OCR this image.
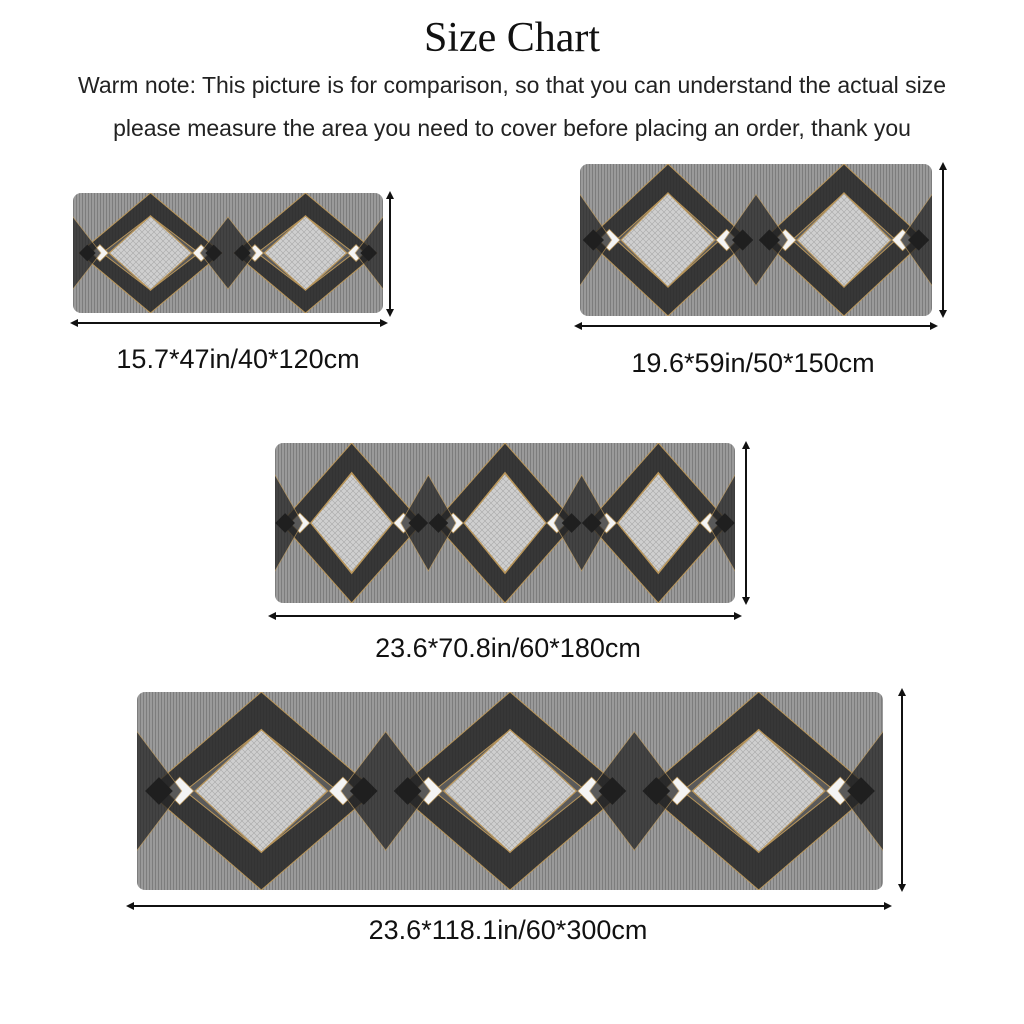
Size Chart
Warm note: This picture is for comparison, so that you can understand the actual size
please measure the area you need to cover before placing an order, thank you
15.7*47in/40*120cm	19.6*59in/50*150cm
23.6*70.8in/60*180cm
23.6*118.1in/60*300cm
